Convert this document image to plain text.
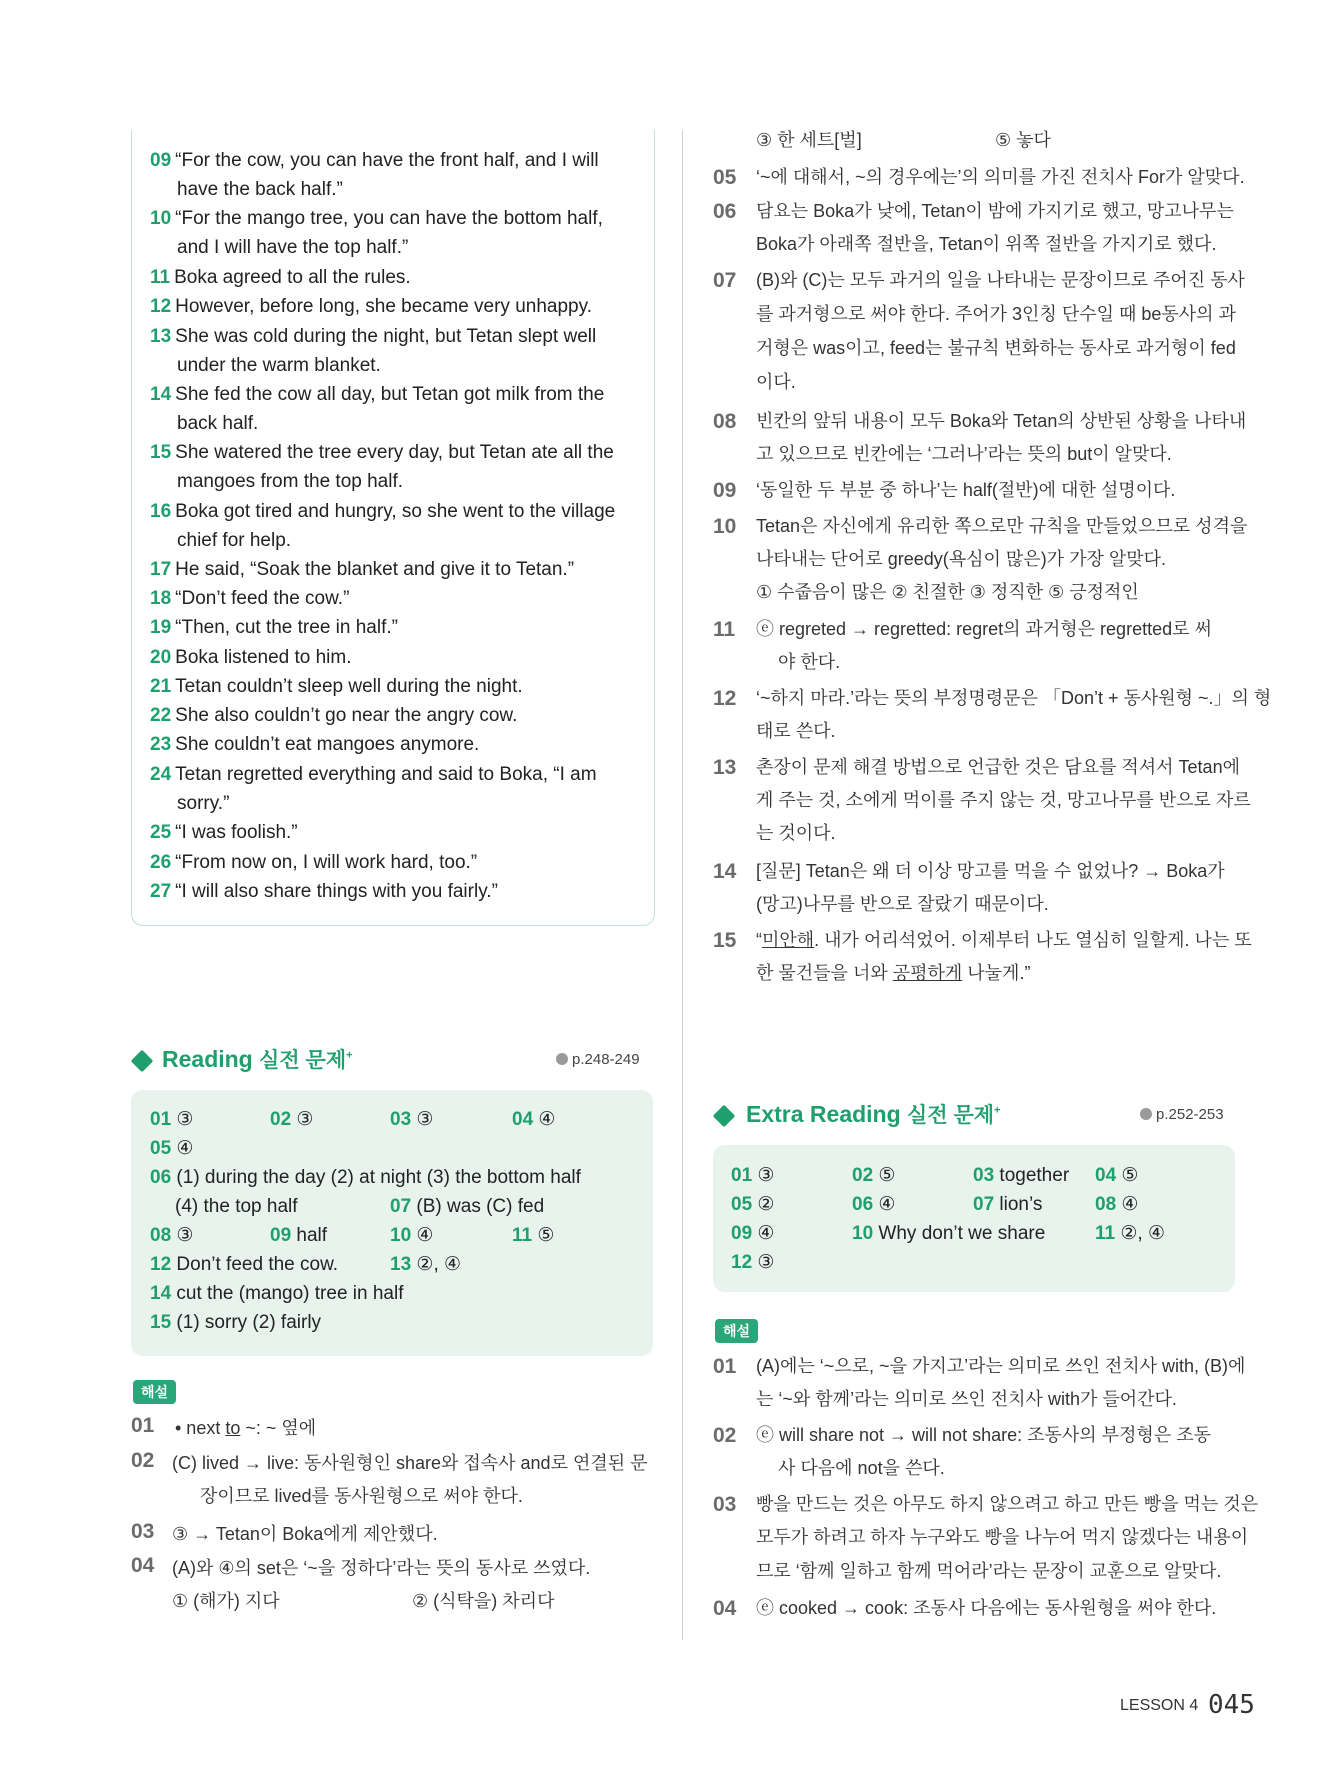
09 “For the cow, you can have the front half, and I will
have the back half.”
10 “For the mango tree, you can have the bottom half,
and I will have the top half.”
11 Boka agreed to all the rules.
12 However, before long, she became very unhappy.
13 She was cold during the night, but Tetan slept well
under the warm blanket.
14 She fed the cow all day, but Tetan got milk from the
back half.
15 She watered the tree every day, but Tetan ate all the
mangoes from the top half.
16 Boka got tired and hungry, so she went to the village
chief for help.
17 He said, “Soak the blanket and give it to Tetan.”
18 “Don’t feed the cow.”
19 “Then, cut the tree in half.”
20 Boka listened to him.
21 Tetan couldn’t sleep well during the night.
22 She also couldn’t go near the angry cow.
23 She couldn’t eat mangoes anymore.
24 Tetan regretted everything and said to Boka, “I am
sorry.”
25 “I was foolish.”
26 “From now on, I will work hard, too.”
27 “I will also share things with you fairly.”
Reading 실전 문제+	p.248-249
01 ③	02 ③	03 ③	04 ④
05 ④
06 (1) during the day (2) at night (3) the bottom half
(4) the top half	07 (B) was (C) fed
08 ③	09 half	10 ④	11 ⑤
12 Don’t feed the cow.	13 ②, ④
14 cut the (mango) tree in half
15 (1) sorry (2) fairly
해설
01 • next to ~: ~ 옆에
02 (C) lived → live: 동사원형인 share와 접속사 and로 연결된 문
장이므로 lived를 동사원형으로 써야 한다.
03 ③ → Tetan이 Boka에게 제안했다.
04 (A)와 ④의 set은 ‘~을 정하다’라는 뜻의 동사로 쓰였다.
① (해가) 지다	② (식탁을) 차리다
③ 한 세트[벌]	⑤ 놓다
05 ‘~에 대해서, ~의 경우에는’의 의미를 가진 전치사 For가 알맞다.
06 담요는 Boka가 낮에, Tetan이 밤에 가지기로 했고, 망고나무는
Boka가 아래쪽 절반을, Tetan이 위쪽 절반을 가지기로 했다.
07 (B)와 (C)는 모두 과거의 일을 나타내는 문장이므로 주어진 동사
를 과거형으로 써야 한다. 주어가 3인칭 단수일 때 be동사의 과
거형은 was이고, feed는 불규칙 변화하는 동사로 과거형이 fed
이다.
08 빈칸의 앞뒤 내용이 모두 Boka와 Tetan의 상반된 상황을 나타내
고 있으므로 빈칸에는 ‘그러나’라는 뜻의 but이 알맞다.
09 ‘동일한 두 부분 중 하나’는 half(절반)에 대한 설명이다.
10 Tetan은 자신에게 유리한 쪽으로만 규칙을 만들었으므로 성격을
나타내는 단어로 greedy(욕심이 많은)가 가장 알맞다.
① 수줍음이 많은 ② 친절한 ③ 정직한 ⑤ 긍정적인
11 ⓔ regreted → regretted: regret의 과거형은 regretted로 써
야 한다.
12 ‘~하지 마라.’라는 뜻의 부정명령문은 「Don’t + 동사원형 ~.」의 형
태로 쓴다.
13 촌장이 문제 해결 방법으로 언급한 것은 담요를 적셔서 Tetan에
게 주는 것, 소에게 먹이를 주지 않는 것, 망고나무를 반으로 자르
는 것이다.
14 [질문] Tetan은 왜 더 이상 망고를 먹을 수 없었나? → Boka가
(망고)나무를 반으로 잘랐기 때문이다.
15 “미안해. 내가 어리석었어. 이제부터 나도 열심히 일할게. 나는 또
한 물건들을 너와 공평하게 나눌게.”
Extra Reading 실전 문제+	p.252-253
01 ③	02 ⑤	03 together 04 ⑤
05 ②	06 ④	07 lion’s	08 ④
09 ④	10 Why don’t we share	11 ②, ④
12 ③
해설
01 (A)에는 ‘~으로, ~을 가지고’라는 의미로 쓰인 전치사 with, (B)에
는 ‘~와 함께’라는 의미로 쓰인 전치사 with가 들어간다.
02 ⓔ will share not → will not share: 조동사의 부정형은 조동
사 다음에 not을 쓴다.
03 빵을 만드는 것은 아무도 하지 않으려고 하고 만든 빵을 먹는 것은
모두가 하려고 하자 누구와도 빵을 나누어 먹지 않겠다는 내용이
므로 ‘함께 일하고 함께 먹어라’라는 문장이 교훈으로 알맞다.
04 ⓔ cooked → cook: 조동사 다음에는 동사원형을 써야 한다.
LESSON 4 045
